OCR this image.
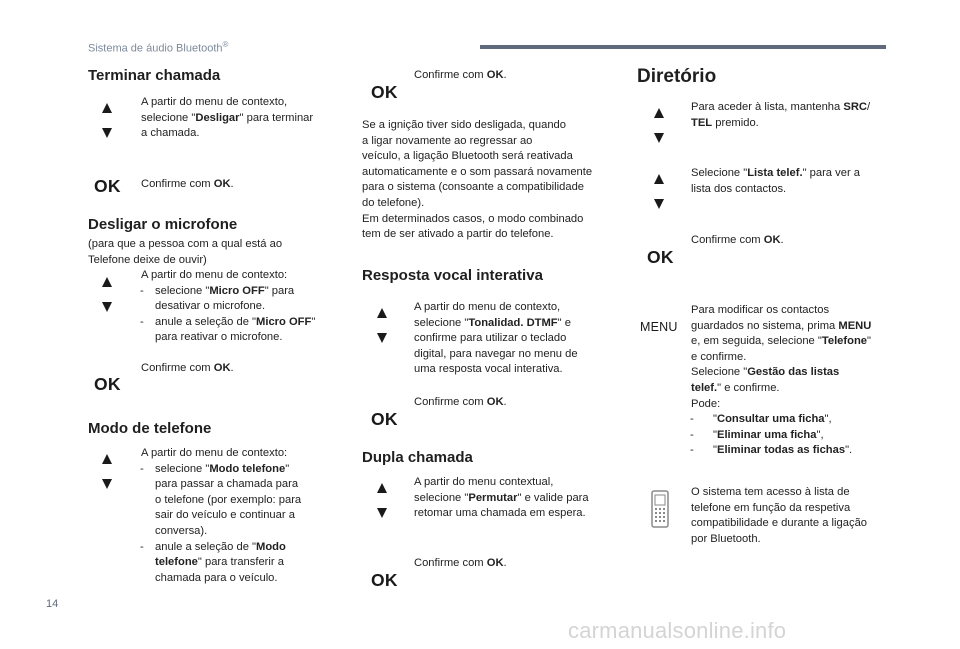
Sistema de áudio Bluetooth®
Terminar chamada
A partir do menu de contexto,
selecione "Desligar" para terminar
a chamada.
OK Confirme com OK.
Desligar o microfone
(para que a pessoa com a qual está ao
Telefone deixe de ouvir)
A partir do menu de contexto:
- selecione "Micro OFF" para
desativar o microfone.
- anule a seleção de "Micro OFF"
para reativar o microfone.
Confirme com OK.
OK
Modo de telefone
A partir do menu de contexto:
- selecione "Modo telefone"
para passar a chamada para
o telefone (por exemplo: para
sair do veículo e continuar a
conversa).
- anule a seleção de "Modo
telefone" para transferir a
chamada para o veículo.
Confirme com OK.
OK
Se a ignição tiver sido desligada, quando
a ligar novamente ao regressar ao
veículo, a ligação Bluetooth será reativada
automaticamente e o som passará novamente
para o sistema (consoante a compatibilidade
do telefone).
Em determinados casos, o modo combinado
tem de ser ativado a partir do telefone.
Resposta vocal interativa
A partir do menu de contexto,
selecione "Tonalidad. DTMF" e
confirme para utilizar o teclado
digital, para navegar no menu de
uma resposta vocal interativa.
Confirme com OK.
OK
Dupla chamada
A partir do menu contextual,
selecione "Permutar" e valide para
retomar uma chamada em espera.
Confirme com OK.
OK
Diretório
Para aceder à lista, mantenha SRC/
TEL premido.
Selecione "Lista telef." para ver a
lista dos contactos.
Confirme com OK.
OK
MENU
Para modificar os contactos
guardados no sistema, prima MENU
e, em seguida, selecione "Telefone"
e confirme.
Selecione "Gestão das listas
telef." e confirme.
Pode:
- "Consultar uma ficha",
- "Eliminar uma ficha",
- "Eliminar todas as fichas".
O sistema tem acesso à lista de
telefone em função da respetiva
compatibilidade e durante a ligação
por Bluetooth.
14
carmanualsonline.info
